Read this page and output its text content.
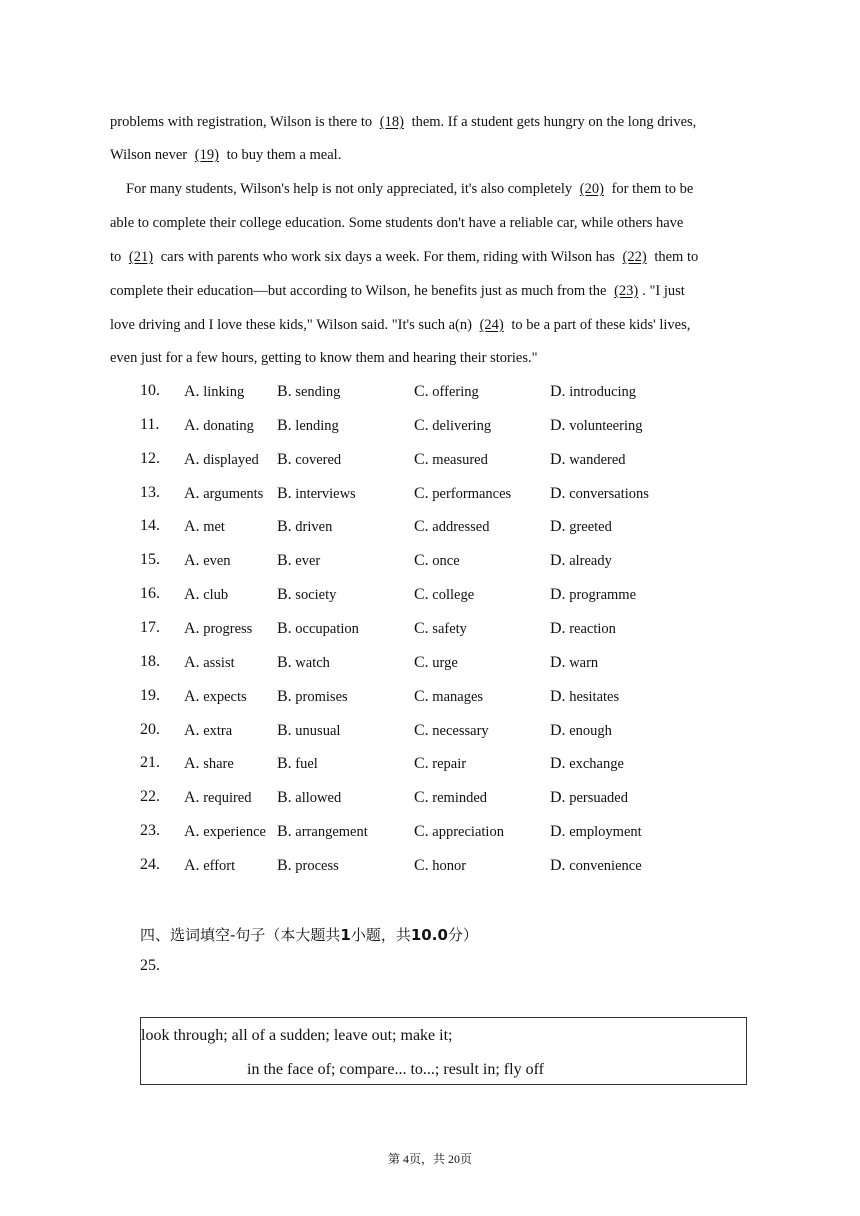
problems with registration, Wilson is there to (18) them. If a student gets hungry on the long drives,
Wilson never (19) to buy them a meal.
For many students, Wilson's help is not only appreciated, it's also completely (20) for them to be
able to complete their college education. Some students don't have a reliable car, while others have
to (21) cars with parents who work six days a week. For them, riding with Wilson has (22) them to
complete their education—but according to Wilson, he benefits just as much from the (23) . "I just
love driving and I love these kids," Wilson said. "It's such a(n) (24) to be a part of these kids' lives,
even just for a few hours, getting to know them and hearing their stories."
10. A. linking B. sending	C. offering	D. introducing
11. A. donating B. lending	C. delivering	D. volunteering
12. A. displayed B. covered	C. measured	D. wandered
13. A. arguments B. interviews	C. performances D. conversations
14. A. met	B. driven	C. addressed	D. greeted
15. A. even	B. ever	C. once	D. already
16. A. club	B. society	C. college	D. programme
17. A. progress B. occupation	C. safety	D. reaction
18. A. assist	B. watch	C. urge	D. warn
19. A. expects B. promises	C. manages	D. hesitates
20. A. extra	B. unusual	C. necessary	D. enough
21. A. share	B. fuel	C. repair	D. exchange
22. A. required B. allowed	C. reminded	D. persuaded
23. A. experience B. arrangement	C. appreciation	D. employment
24. A. effort	B. process	C. honor	D. convenience
四、选词填空-句子（本大题共1小题，共10.0分）
25.
look through; all of a sudden; leave out; make it;
in the face of; compare... to...; result in; fly off
第 4页，共 20页
